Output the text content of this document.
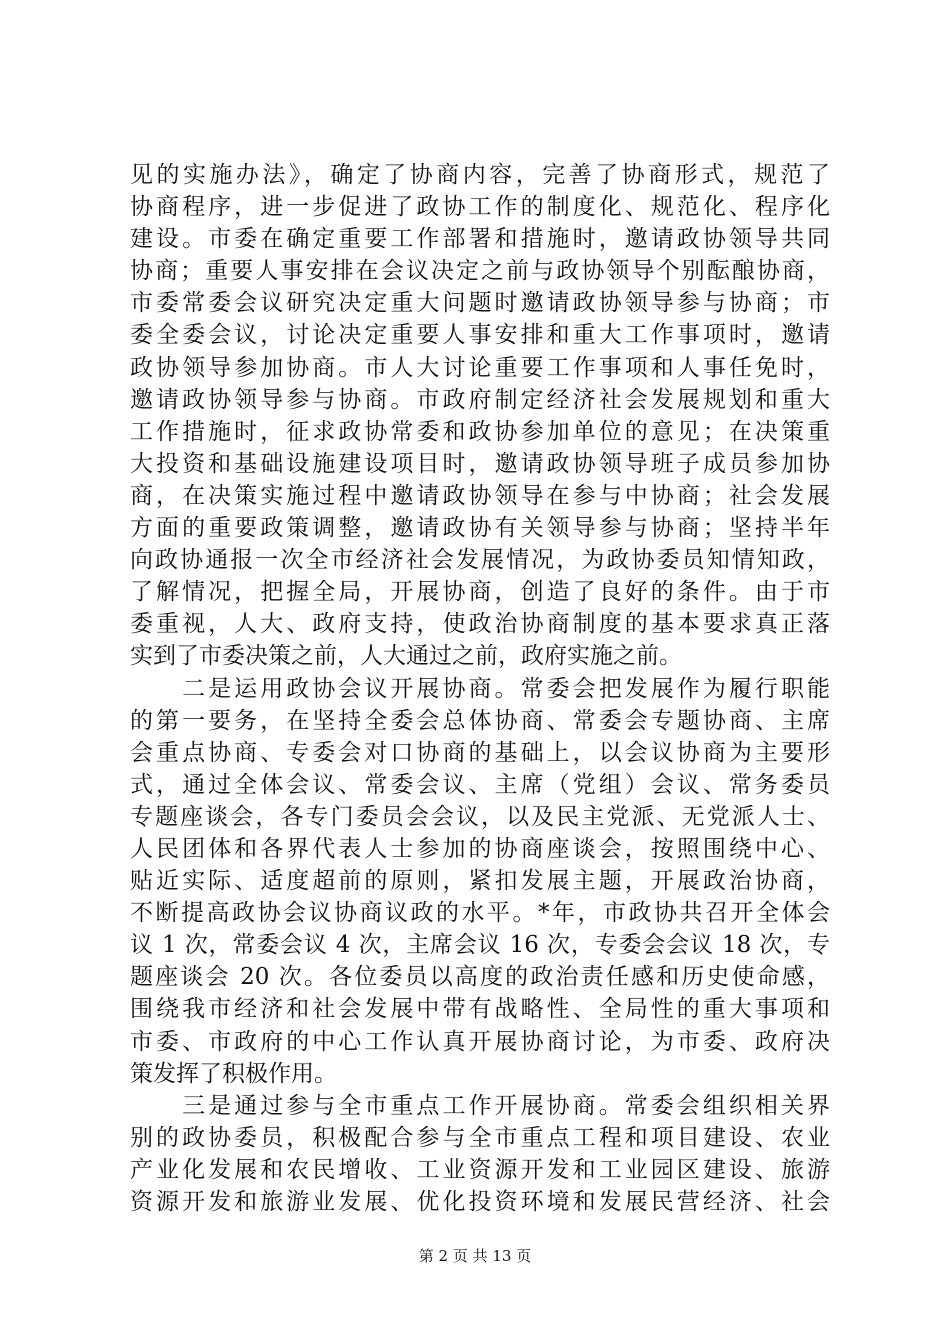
见的实施办法》，确定了协商内容，完善了协商形式，规范了
协商程序，进一步促进了政协工作的制度化、规范化、程序化
建设。市委在确定重要工作部署和措施时，邀请政协领导共同
协商；重要人事安排在会议决定之前与政协领导个别酝酿协商，
市委常委会议研究决定重大问题时邀请政协领导参与协商；市
委全委会议，讨论决定重要人事安排和重大工作事项时，邀请
政协领导参加协商。市人大讨论重要工作事项和人事任免时，
邀请政协领导参与协商。市政府制定经济社会发展规划和重大
工作措施时，征求政协常委和政协参加单位的意见；在决策重
大投资和基础设施建设项目时，邀请政协领导班子成员参加协
商，在决策实施过程中邀请政协领导在参与中协商；社会发展
方面的重要政策调整，邀请政协有关领导参与协商；坚持半年
向政协通报一次全市经济社会发展情况，为政协委员知情知政，
了解情况，把握全局，开展协商，创造了良好的条件。由于市
委重视，人大、政府支持，使政治协商制度的基本要求真正落
实到了市委决策之前，人大通过之前，政府实施之前。
　　二是运用政协会议开展协商。常委会把发展作为履行职能
的第一要务，在坚持全委会总体协商、常委会专题协商、主席
会重点协商、专委会对口协商的基础上，以会议协商为主要形
式，通过全体会议、常委会议、主席（党组）会议、常务委员
专题座谈会，各专门委员会会议，以及民主党派、无党派人士、
人民团体和各界代表人士参加的协商座谈会，按照围绕中心、
贴近实际、适度超前的原则，紧扣发展主题，开展政治协商，
不断提高政协会议协商议政的水平。*年，市政协共召开全体会
议 1 次，常委会议 4 次，主席会议 16 次，专委会会议 18 次，专
题座谈会 20 次。各位委员以高度的政治责任感和历史使命感，
围绕我市经济和社会发展中带有战略性、全局性的重大事项和
市委、市政府的中心工作认真开展协商讨论，为市委、政府决
策发挥了积极作用。
　　三是通过参与全市重点工作开展协商。常委会组织相关界
别的政协委员，积极配合参与全市重点工程和项目建设、农业
产业化发展和农民增收、工业资源开发和工业园区建设、旅游
资源开发和旅游业发展、优化投资环境和发展民营经济、社会
第 2 页 共 13 页
